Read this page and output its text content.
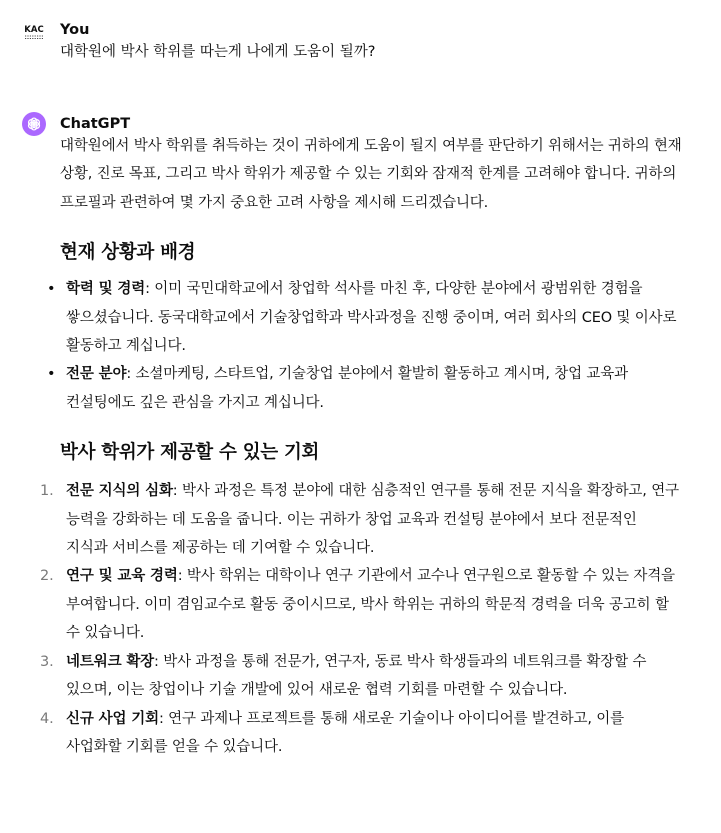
KAC You

대학원에 박사 학위를 따는게 나에게 도움이 될까?

ChatGPT

대학원에서 박사 학위를 취득하는 것이 귀하에게 도움이 될지 여부를 판단하기 위해서는 귀하의 현재 상황, 진로 목표, 그리고 박사 학위가 제공할 수 있는 기회와 잠재적 한계를 고려해야 합니다. 귀하의 프로필과 관련하여 몇 가지 중요한 고려 사항을 제시해 드리겠습니다.

현재 상황과 배경
• 학력 및 경력: 이미 국민대학교에서 창업학 석사를 마친 후, 다양한 분야에서 광범위한 경험을 쌓으셨습니다. 동국대학교에서 기술창업학과 박사과정을 진행 중이며, 여러 회사의 CEO 및 이사로 활동하고 계십니다.
• 전문 분야: 소셜마케팅, 스타트업, 기술창업 분야에서 활발히 활동하고 계시며, 창업 교육과 컨설팅에도 깊은 관심을 가지고 계십니다.
박사 학위가 제공할 수 있는 기회
1. 전문 지식의 심화: 박사 과정은 특정 분야에 대한 심층적인 연구를 통해 전문 지식을 확장하고, 연구 능력을 강화하는 데 도움을 줍니다. 이는 귀하가 창업 교육과 컨설팅 분야에서 보다 전문적인 지식과 서비스를 제공하는 데 기여할 수 있습니다.
2. 연구 및 교육 경력: 박사 학위는 대학이나 연구 기관에서 교수나 연구원으로 활동할 수 있는 자격을 부여합니다. 이미 겸임교수로 활동 중이시므로, 박사 학위는 귀하의 학문적 경력을 더욱 공고히 할 수 있습니다.
3. 네트워크 확장: 박사 과정을 통해 전문가, 연구자, 동료 박사 학생들과의 네트워크를 확장할 수 있으며, 이는 창업이나 기술 개발에 있어 새로운 협력 기회를 마련할 수 있습니다.
4. 신규 사업 기회: 연구 과제나 프로젝트를 통해 새로운 기술이나 아이디어를 발견하고, 이를 사업화할 기회를 얻을 수 있습니다.
